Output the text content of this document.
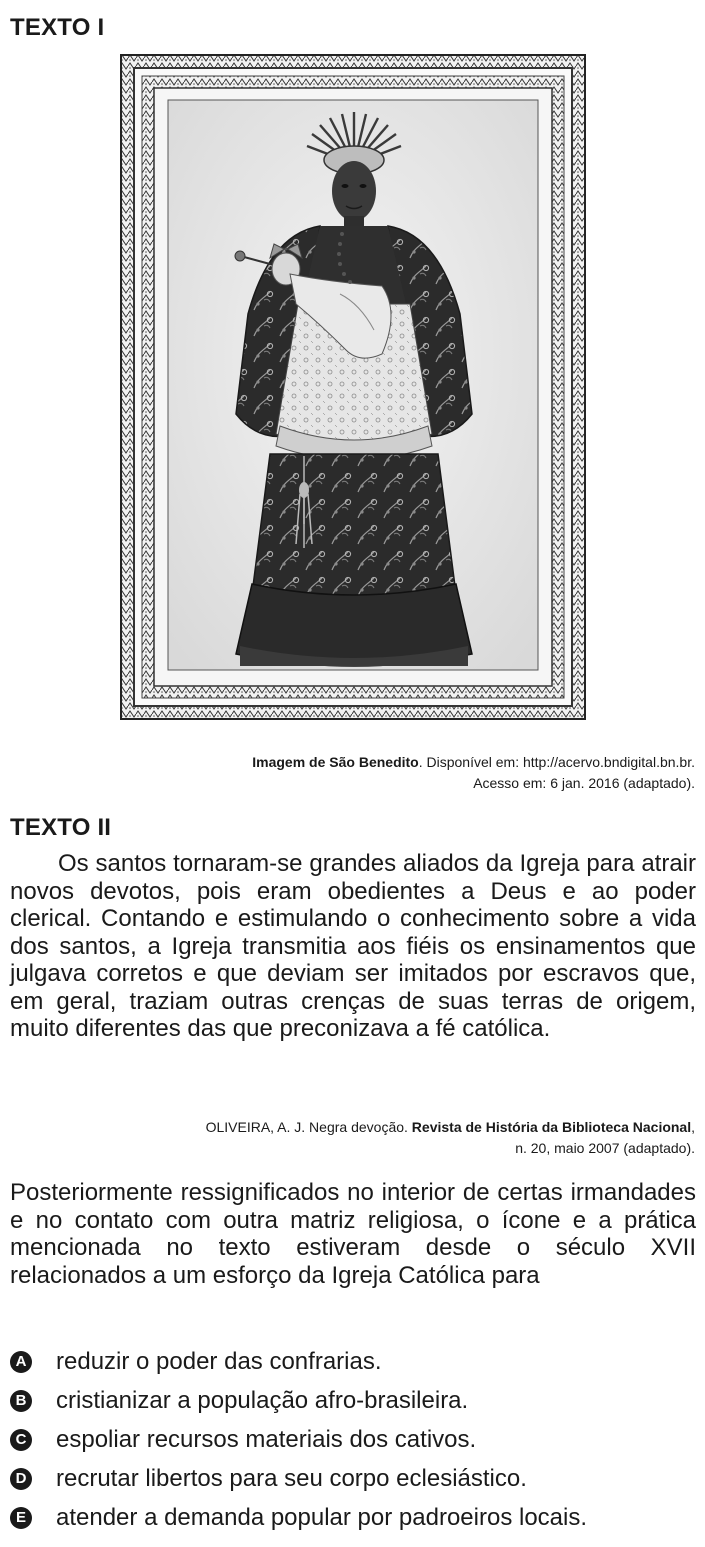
TEXTO I
Imagem de São Benedito. Disponível em: http://acervo.bndigital.bn.br.
Acesso em: 6 jan. 2016 (adaptado).
TEXTO II
Os santos tornaram-se grandes aliados da Igreja para atrair novos devotos, pois eram obedientes a Deus e ao poder clerical. Contando e estimulando o conhecimento sobre a vida dos santos, a Igreja transmitia aos fiéis os ensinamentos que julgava corretos e que deviam ser imitados por escravos que, em geral, traziam outras crenças de suas terras de origem, muito diferentes das que preconizava a fé católica.
OLIVEIRA, A. J. Negra devoção. Revista de História da Biblioteca Nacional,
n. 20, maio 2007 (adaptado).
Posteriormente ressignificados no interior de certas irmandades e no contato com outra matriz religiosa, o ícone e a prática mencionada no texto estiveram desde o século XVII relacionados a um esforço da Igreja Católica para
A reduzir o poder das confrarias.
B cristianizar a população afro-brasileira.
C espoliar recursos materiais dos cativos.
D recrutar libertos para seu corpo eclesiástico.
E atender a demanda popular por padroeiros locais.
